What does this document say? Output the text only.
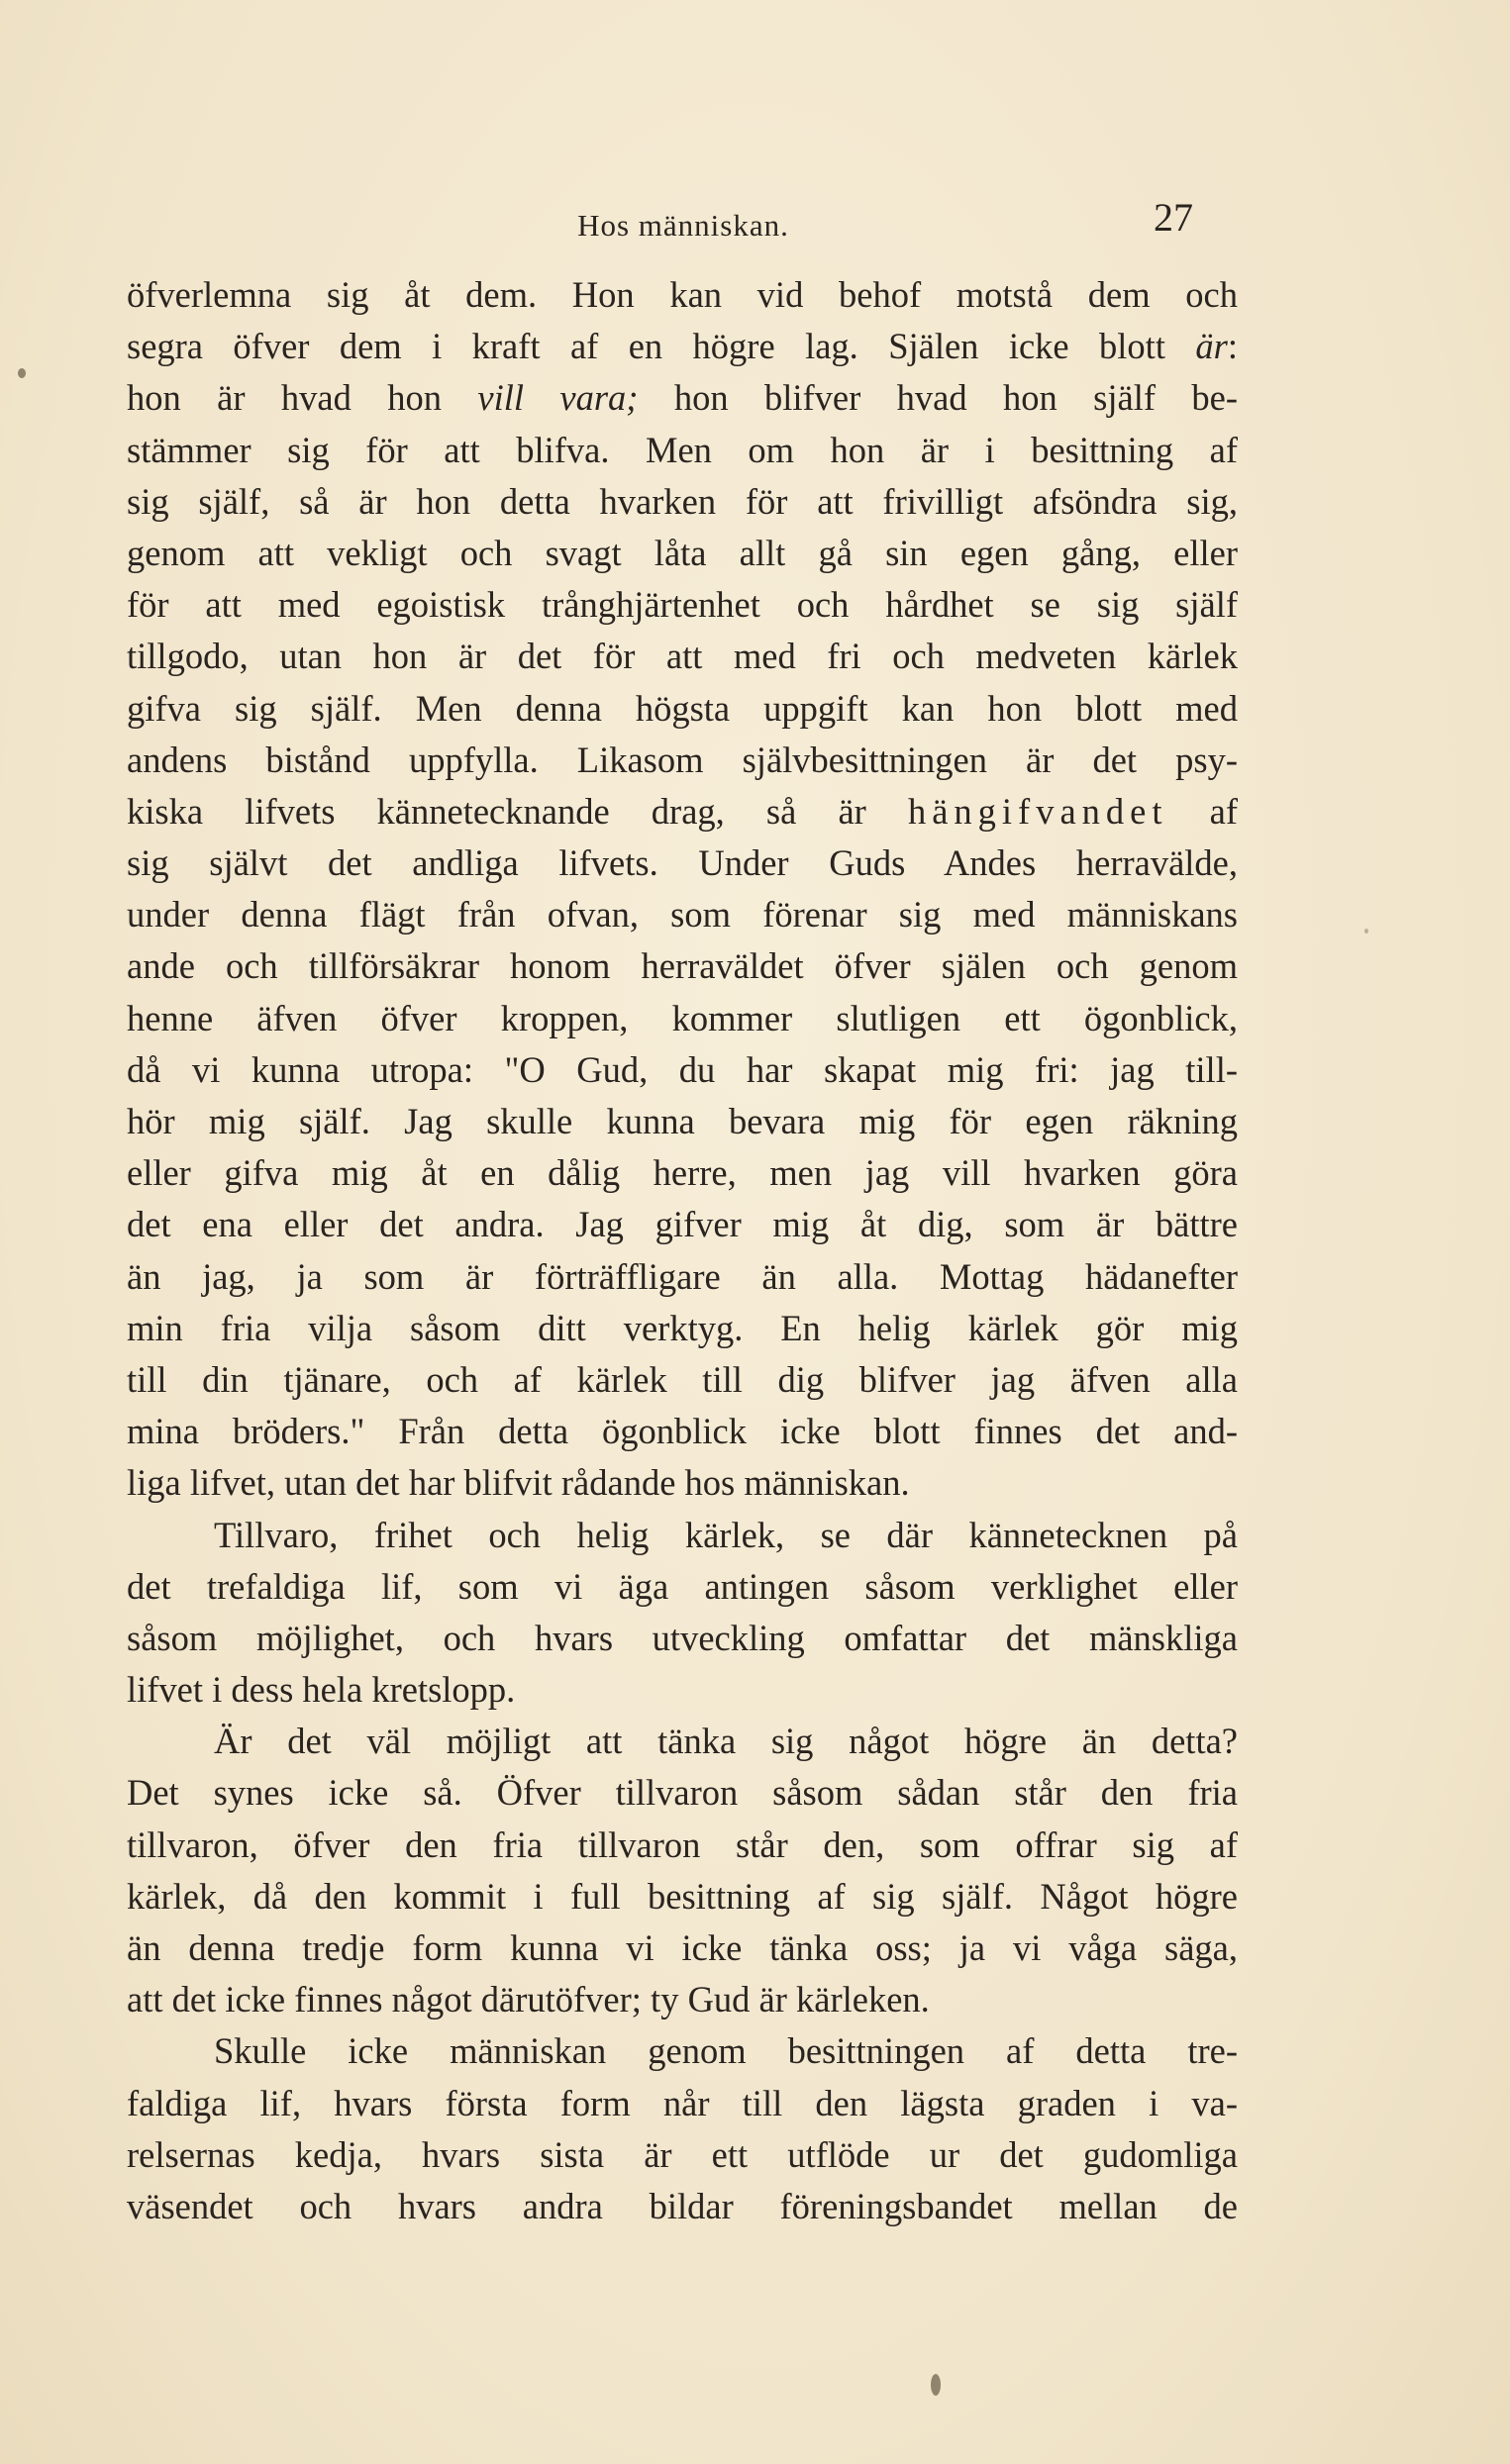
Hos människan.	27
öfverlemna sig åt dem. Hon kan vid behof motstå dem och
segra öfver dem i kraft af en högre lag. Själen icke blott är:
hon är hvad hon vill vara; hon blifver hvad hon själf be-
stämmer sig för att blifva. Men om hon är i besittning af
sig själf, så är hon detta hvarken för att frivilligt afsöndra sig,
genom att vekligt och svagt låta allt gå sin egen gång, eller
för att med egoistisk trånghjärtenhet och hårdhet se sig själf
tillgodo, utan hon är det för att med fri och medveten kärlek
gifva sig själf. Men denna högsta uppgift kan hon blott med
andens bistånd uppfylla. Likasom självbesittningen är det psy-
kiska lifvets kännetecknande drag, så är hängifvandet af
sig självt det andliga lifvets. Under Guds Andes herravälde,
under denna flägt från ofvan, som förenar sig med människans
ande och tillförsäkrar honom herraväldet öfver själen och genom
henne äfven öfver kroppen, kommer slutligen ett ögonblick,
då vi kunna utropa: "O Gud, du har skapat mig fri: jag till-
hör mig själf. Jag skulle kunna bevara mig för egen räkning
eller gifva mig åt en dålig herre, men jag vill hvarken göra
det ena eller det andra. Jag gifver mig åt dig, som är bättre
än jag, ja som är förträffligare än alla. Mottag hädanefter
min fria vilja såsom ditt verktyg. En helig kärlek gör mig
till din tjänare, och af kärlek till dig blifver jag äfven alla
mina bröders." Från detta ögonblick icke blott finnes det and-
liga lifvet, utan det har blifvit rådande hos människan.
Tillvaro, frihet och helig kärlek, se där kännetecknen på
det trefaldiga lif, som vi äga antingen såsom verklighet eller
såsom möjlighet, och hvars utveckling omfattar det mänskliga
lifvet i dess hela kretslopp.
Är det väl möjligt att tänka sig något högre än detta?
Det synes icke så. Öfver tillvaron såsom sådan står den fria
tillvaron, öfver den fria tillvaron står den, som offrar sig af
kärlek, då den kommit i full besittning af sig själf. Något högre
än denna tredje form kunna vi icke tänka oss; ja vi våga säga,
att det icke finnes något därutöfver; ty Gud är kärleken.
Skulle icke människan genom besittningen af detta tre-
faldiga lif, hvars första form når till den lägsta graden i va-
relsernas kedja, hvars sista är ett utflöde ur det gudomliga
väsendet och hvars andra bildar föreningsbandet mellan de
